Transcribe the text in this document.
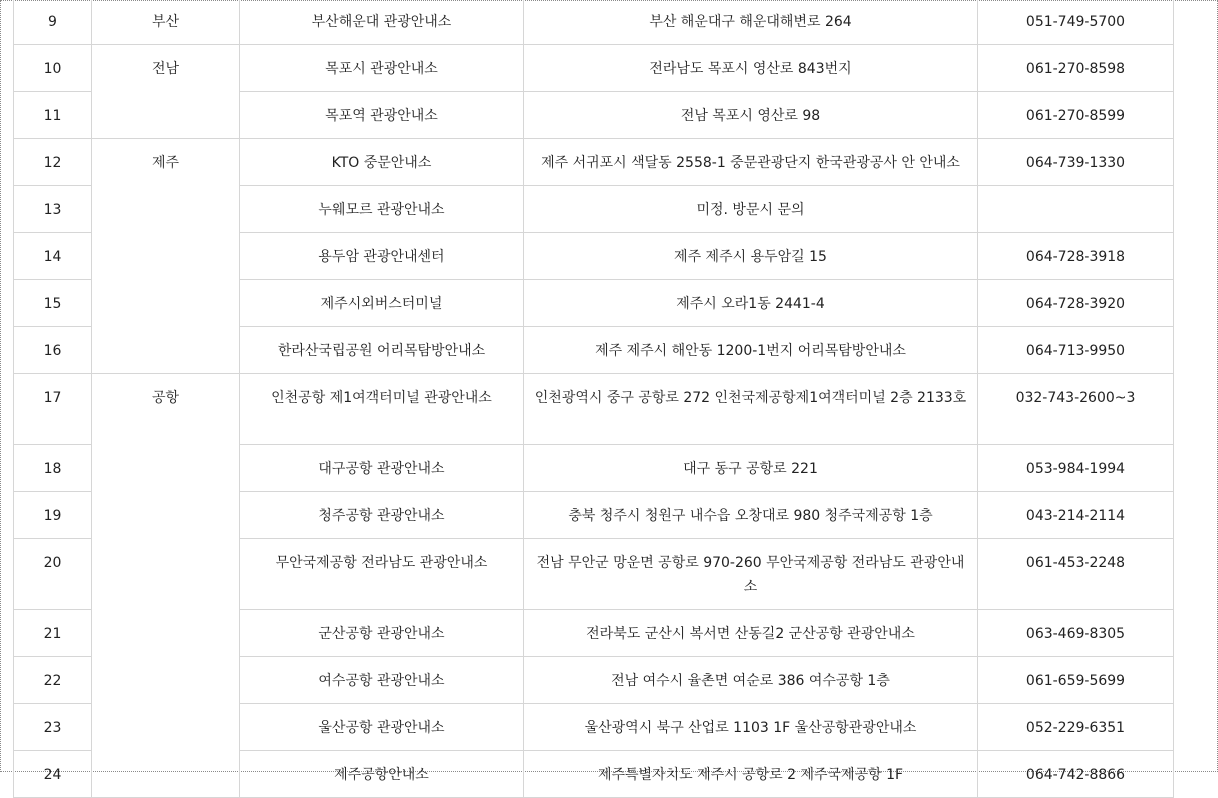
9	부산	부산해운대 관광안내소	부산 해운대구 해운대해변로 264	051-749-5700
10	전남	목포시 관광안내소	전라남도 목포시 영산로 843번지	061-270-8598
11		목포역 관광안내소	전남 목포시 영산로 98	061-270-8599
12	제주	KTO 중문안내소	제주 서귀포시 색달동 2558-1 중문관광단지 한국관광공사 안 안내소	064-739-1330
13		누웨모르 관광안내소	미정. 방문시 문의	
14		용두암 관광안내센터	제주 제주시 용두암길 15	064-728-3918
15		제주시외버스터미널	제주시 오라1동 2441-4	064-728-3920
16		한라산국립공원 어리목탐방안내소	제주 제주시 해안동 1200-1번지 어리목탐방안내소	064-713-9950
17	공항	인천공항 제1여객터미널 관광안내소	인천광역시 중구 공항로 272 인천국제공항제1여객터미널 2층 2133호	032-743-2600~3
18		대구공항 관광안내소	대구 동구 공항로 221	053-984-1994
19		청주공항 관광안내소	충북 청주시 청원구 내수읍 오창대로 980 청주국제공항 1층	043-214-2114
20		무안국제공항 전라남도 관광안내소	전남 무안군 망운면 공항로 970-260 무안국제공항 전라남도 관광안내소	061-453-2248
21		군산공항 관광안내소	전라북도 군산시 복서면 산동길2 군산공항 관광안내소	063-469-8305
22		여수공항 관광안내소	전남 여수시 율촌면 여순로 386 여수공항 1층	061-659-5699
23		울산공항 관광안내소	울산광역시 북구 산업로 1103 1F 울산공항관광안내소	052-229-6351
24		제주공항안내소	제주특별자치도 제주시 공항로 2 제주국제공항 1F	064-742-8866
